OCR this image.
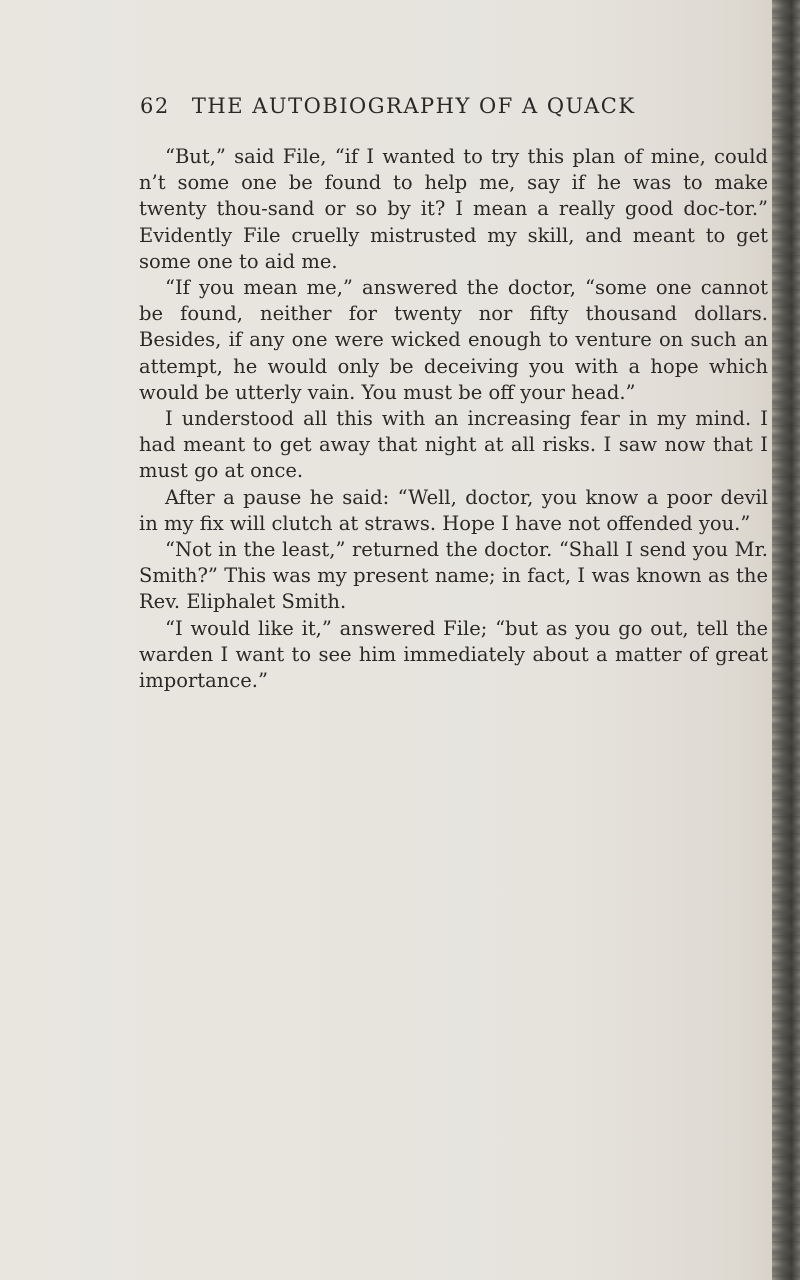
62 THE AUTOBIOGRAPHY OF A QUACK

“But,” said File, “if I wanted to try this plan of mine, could n’t some one be found to help me, say if he was to make twenty thou-sand or so by it? I mean a really good doc-tor.” Evidently File cruelly mistrusted my skill, and meant to get some one to aid me.

“If you mean me,” answered the doctor, “some one cannot be found, neither for twenty nor fifty thousand dollars. Besides, if any one were wicked enough to venture on such an attempt, he would only be deceiving you with a hope which would be utterly vain. You must be off your head.”

I understood all this with an increasing fear in my mind. I had meant to get away that night at all risks. I saw now that I must go at once.

After a pause he said: “Well, doctor, you know a poor devil in my fix will clutch at straws. Hope I have not offended you.”

“Not in the least,” returned the doctor. “Shall I send you Mr. Smith?” This was my present name; in fact, I was known as the Rev. Eliphalet Smith.

“I would like it,” answered File; “but as you go out, tell the warden I want to see him immediately about a matter of great importance.”
